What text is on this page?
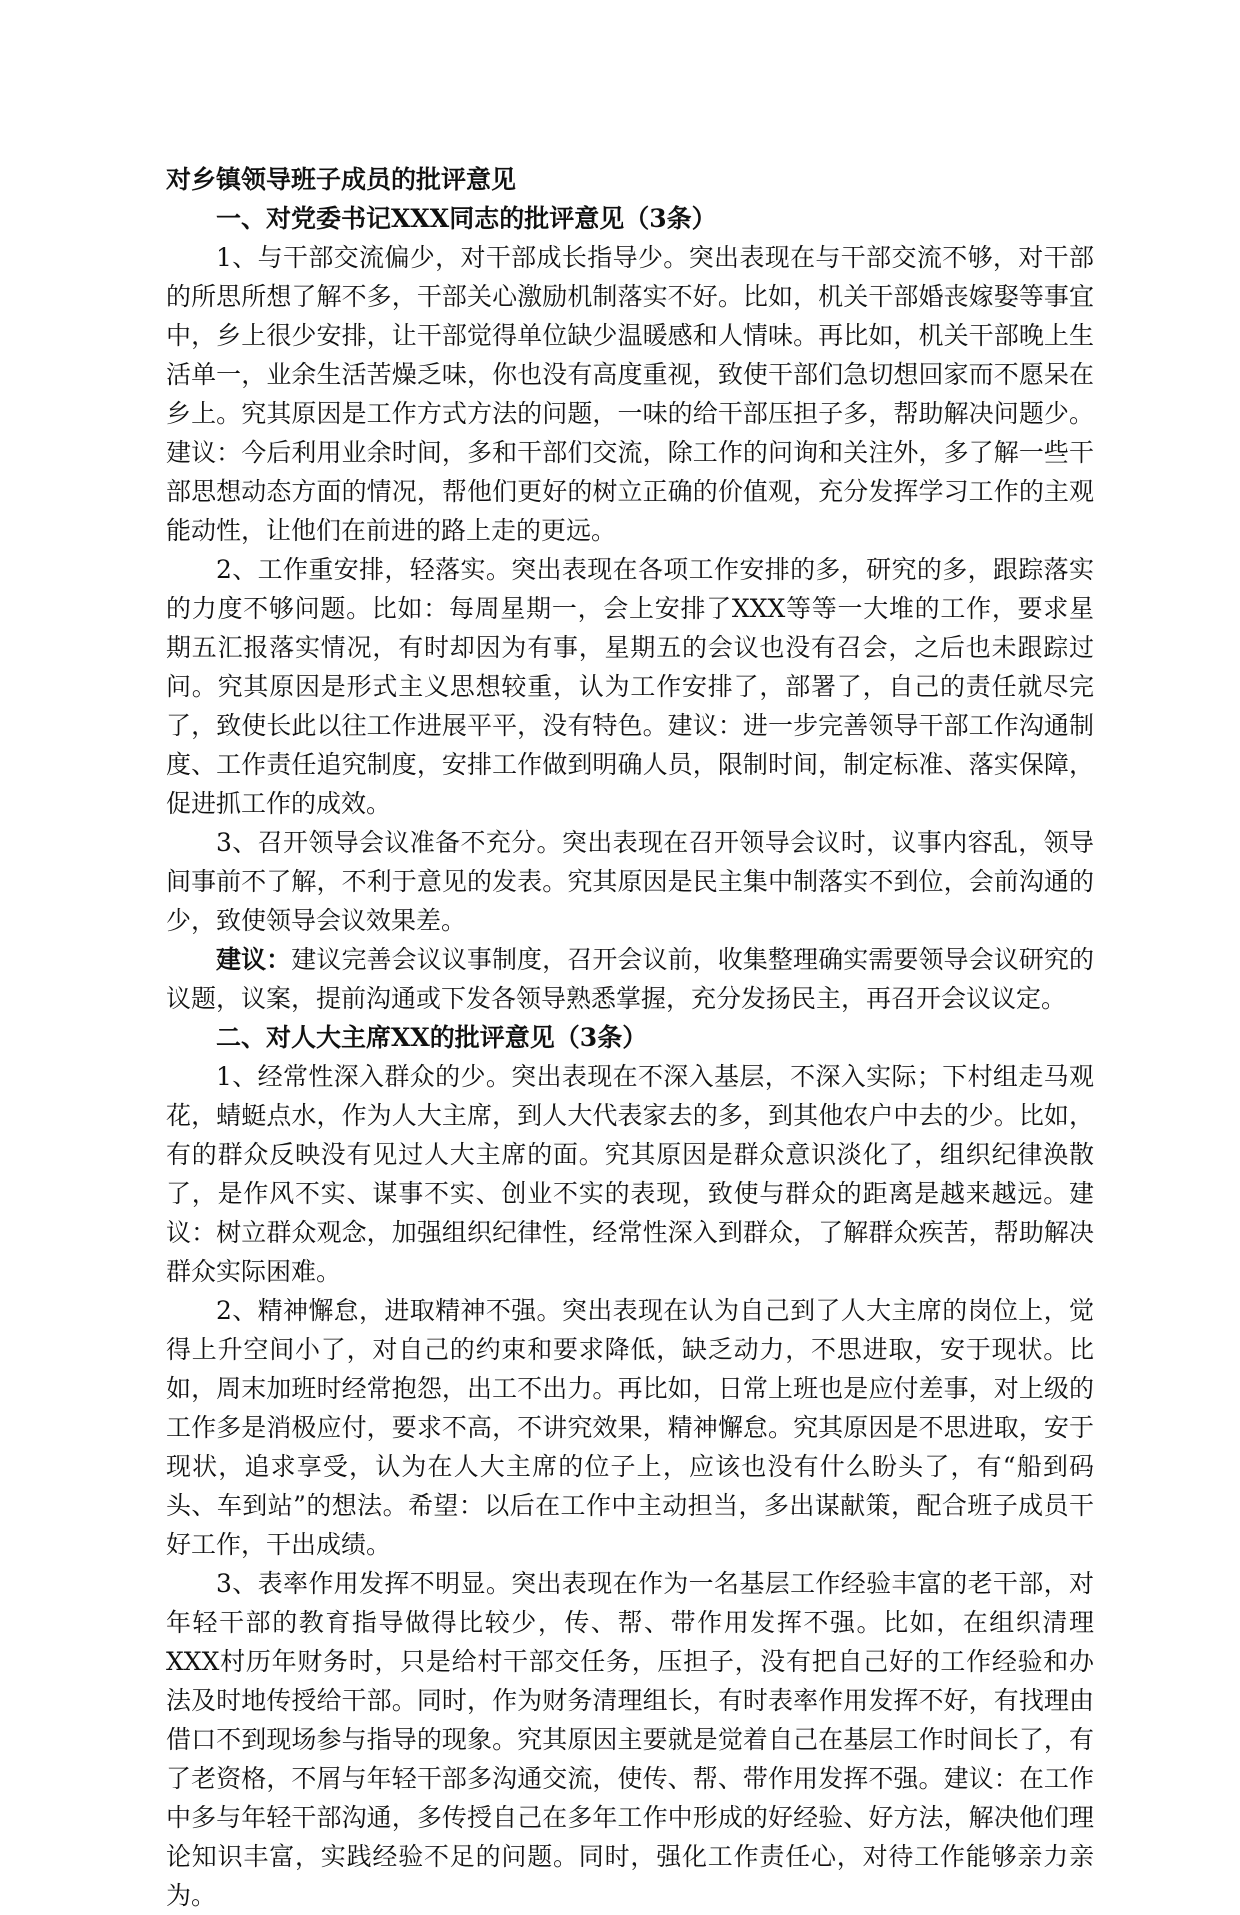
对乡镇领导班子成员的批评意见

一、对党委书记XXX同志的批评意见（3条）

1、与干部交流偏少，对干部成长指导少。突出表现在与干部交流不够，对干部的所思所想了解不多，干部关心激励机制落实不好。比如，机关干部婚丧嫁娶等事宜中，乡上很少安排，让干部觉得单位缺少温暖感和人情味。再比如，机关干部晚上生活单一，业余生活苦燥乏味，你也没有高度重视，致使干部们急切想回家而不愿呆在乡上。究其原因是工作方式方法的问题，一味的给干部压担子多，帮助解决问题少。建议：今后利用业余时间，多和干部们交流，除工作的问询和关注外，多了解一些干部思想动态方面的情况，帮他们更好的树立正确的价值观，充分发挥学习工作的主观能动性，让他们在前进的路上走的更远。

2、工作重安排，轻落实。突出表现在各项工作安排的多，研究的多，跟踪落实的力度不够问题。比如：每周星期一，会上安排了XXX等等一大堆的工作，要求星期五汇报落实情况，有时却因为有事，星期五的会议也没有召会，之后也未跟踪过问。究其原因是形式主义思想较重，认为工作安排了，部署了，自己的责任就尽完了，致使长此以往工作进展平平，没有特色。建议：进一步完善领导干部工作沟通制度、工作责任追究制度，安排工作做到明确人员，限制时间，制定标准、落实保障，促进抓工作的成效。

3、召开领导会议准备不充分。突出表现在召开领导会议时，议事内容乱，领导间事前不了解，不利于意见的发表。究其原因是民主集中制落实不到位，会前沟通的少，致使领导会议效果差。

建议：建议完善会议议事制度，召开会议前，收集整理确实需要领导会议研究的议题，议案，提前沟通或下发各领导熟悉掌握，充分发扬民主，再召开会议议定。

二、对人大主席XX的批评意见（3条）

1、经常性深入群众的少。突出表现在不深入基层，不深入实际；下村组走马观花，蜻蜓点水，作为人大主席，到人大代表家去的多，到其他农户中去的少。比如，有的群众反映没有见过人大主席的面。究其原因是群众意识淡化了，组织纪律涣散了，是作风不实、谋事不实、创业不实的表现，致使与群众的距离是越来越远。建议：树立群众观念，加强组织纪律性，经常性深入到群众，了解群众疾苦，帮助解决群众实际困难。

2、精神懈怠，进取精神不强。突出表现在认为自己到了人大主席的岗位上，觉得上升空间小了，对自己的约束和要求降低，缺乏动力，不思进取，安于现状。比如，周末加班时经常抱怨，出工不出力。再比如，日常上班也是应付差事，对上级的工作多是消极应付，要求不高，不讲究效果，精神懈怠。究其原因是不思进取，安于现状，追求享受，认为在人大主席的位子上，应该也没有什么盼头了，有“船到码头、车到站”的想法。希望：以后在工作中主动担当，多出谋献策，配合班子成员干好工作，干出成绩。

3、表率作用发挥不明显。突出表现在作为一名基层工作经验丰富的老干部，对年轻干部的教育指导做得比较少，传、帮、带作用发挥不强。比如，在组织清理XXX村历年财务时，只是给村干部交任务，压担子，没有把自己好的工作经验和办法及时地传授给干部。同时，作为财务清理组长，有时表率作用发挥不好，有找理由借口不到现场参与指导的现象。究其原因主要就是觉着自己在基层工作时间长了，有了老资格，不屑与年轻干部多沟通交流，使传、帮、带作用发挥不强。建议：在工作中多与年轻干部沟通，多传授自己在多年工作中形成的好经验、好方法，解决他们理论知识丰富，实践经验不足的问题。同时，强化工作责任心，对待工作能够亲力亲为。
